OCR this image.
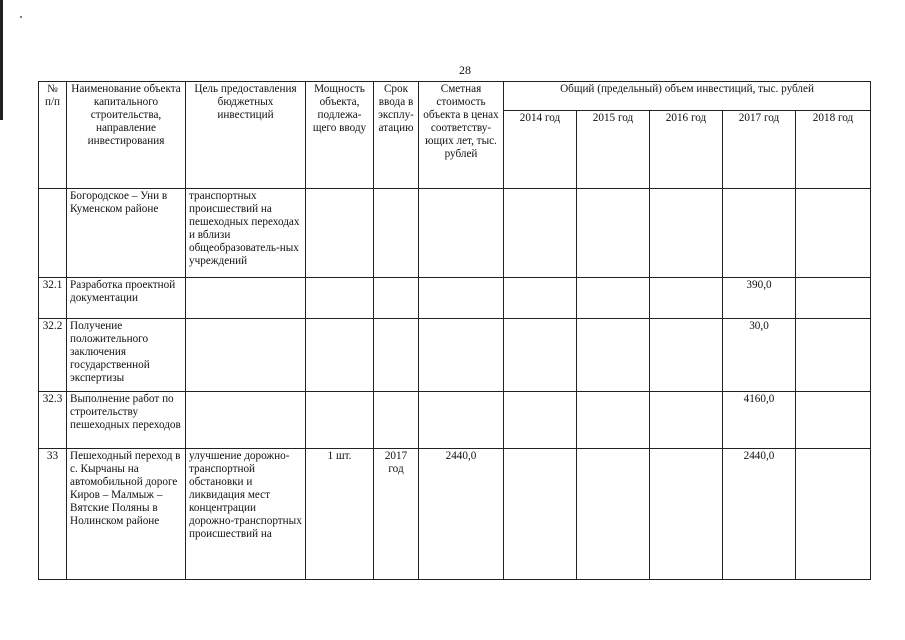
28
№ п/п	Наименование объекта капитального строительства, направление инвестирования	Цель предоставления бюджетных инвестиций	Мощность объекта, подлежа-щего вводу	Срок ввода в эксплу-атацию	Сметная стоимость объекта в ценах соответству-ющих лет, тыс. рублей	Общий (предельный) объем инвестиций, тыс. рублей				
						2014 год	2015 год	2016 год	2017 год	2018 год
	Богородское – Уни в Куменском районе	транспортных происшествий на пешеходных переходах и вблизи общеобразователь-ных учреждений								
32.1	Разработка проектной документации								390,0	
32.2	Получение положительного заключения государственной экспертизы								30,0	
32.3	Выполнение работ по строительству пешеходных переходов								4160,0	
33	Пешеходный переход в с. Кырчаны на автомобильной дороге Киров – Малмыж – Вятские Поляны в Нолинском районе	улучшение дорожно-транспортной обстановки и ликвидация мест концентрации дорожно-транспортных происшествий на	1 шт.	2017 год	2440,0				2440,0	
